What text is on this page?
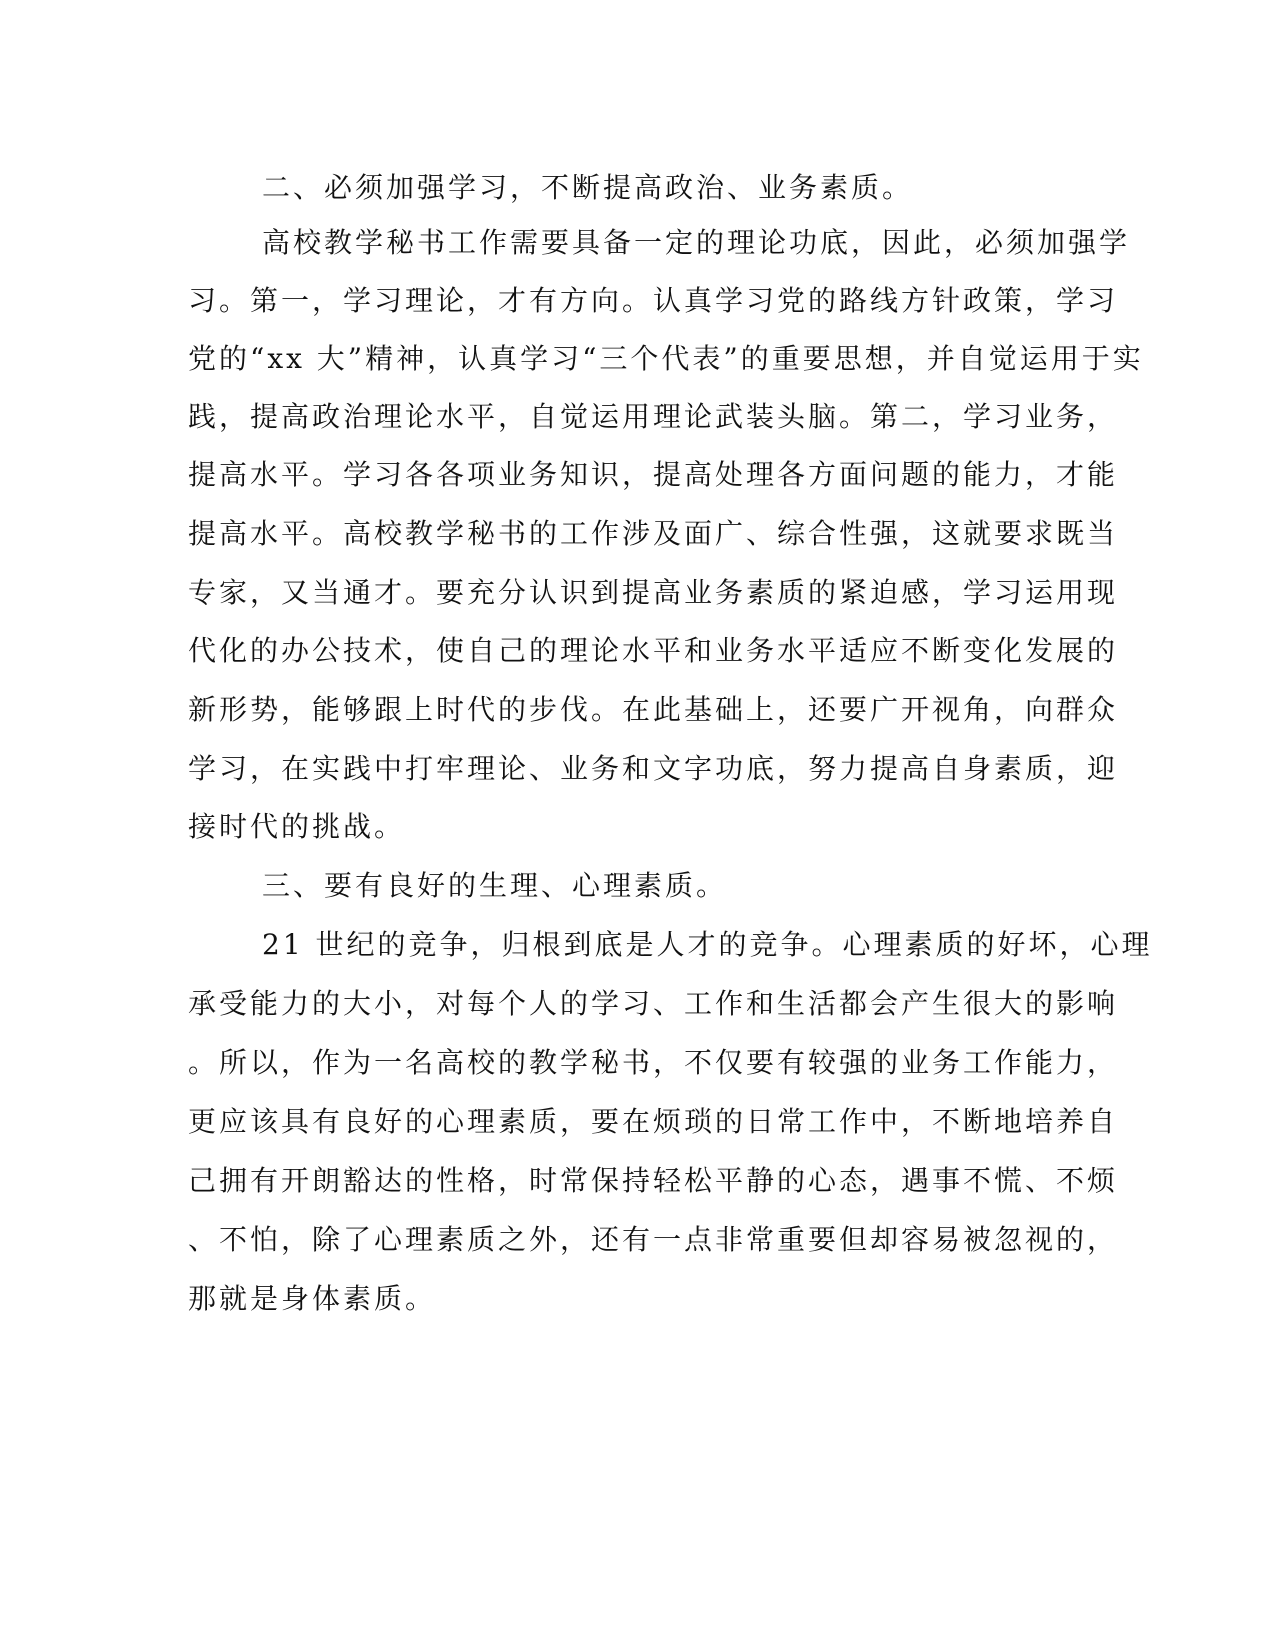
二、必须加强学习，不断提高政治、业务素质。
高校教学秘书工作需要具备一定的理论功底，因此，必须加强学
习。第一，学习理论，才有方向。认真学习党的路线方针政策，学习
党的“xx 大”精神，认真学习“三个代表”的重要思想，并自觉运用于实
践，提高政治理论水平，自觉运用理论武装头脑。第二，学习业务，
提高水平。学习各各项业务知识，提高处理各方面问题的能力，才能
提高水平。高校教学秘书的工作涉及面广、综合性强，这就要求既当
专家，又当通才。要充分认识到提高业务素质的紧迫感，学习运用现
代化的办公技术，使自己的理论水平和业务水平适应不断变化发展的
新形势，能够跟上时代的步伐。在此基础上，还要广开视角，向群众
学习，在实践中打牢理论、业务和文字功底，努力提高自身素质，迎
接时代的挑战。
三、要有良好的生理、心理素质。
21 世纪的竞争，归根到底是人才的竞争。心理素质的好坏，心理
承受能力的大小，对每个人的学习、工作和生活都会产生很大的影响
。所以，作为一名高校的教学秘书，不仅要有较强的业务工作能力，
更应该具有良好的心理素质，要在烦琐的日常工作中，不断地培养自
己拥有开朗豁达的性格，时常保持轻松平静的心态，遇事不慌、不烦
、不怕，除了心理素质之外，还有一点非常重要但却容易被忽视的，
那就是身体素质。
